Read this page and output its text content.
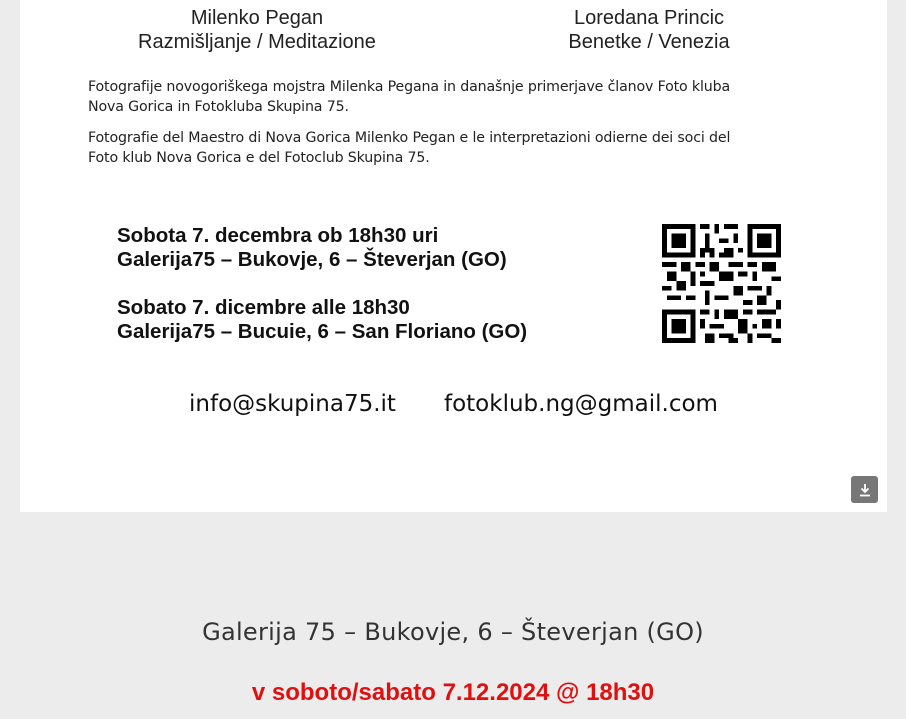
Milenko Pegan
Razmišljanje / Meditazione
Loredana Princic
Benetke / Venezia
Fotografije novogoriškega mojstra Milenka Pegana in današnje primerjave članov Foto kluba
Nova Gorica in Fotokluba Skupina 75.
Fotografie del Maestro di Nova Gorica Milenko Pegan e le interpretazioni odierne dei soci del
Foto klub Nova Gorica e del Fotoclub Skupina 75.
Sobota 7. decembra ob 18h30 uri
Galerija75 – Bukovje, 6 – Števerjan (GO)
Sobato 7. dicembre alle 18h30
Galerija75 – Bucuie, 6 – San Floriano (GO)
info@skupina75.it fotoklub.ng@gmail.com
Galerija 75 – Bukovje, 6 – Števerjan (GO)
v soboto/sabato 7.12.2024 @ 18h30
